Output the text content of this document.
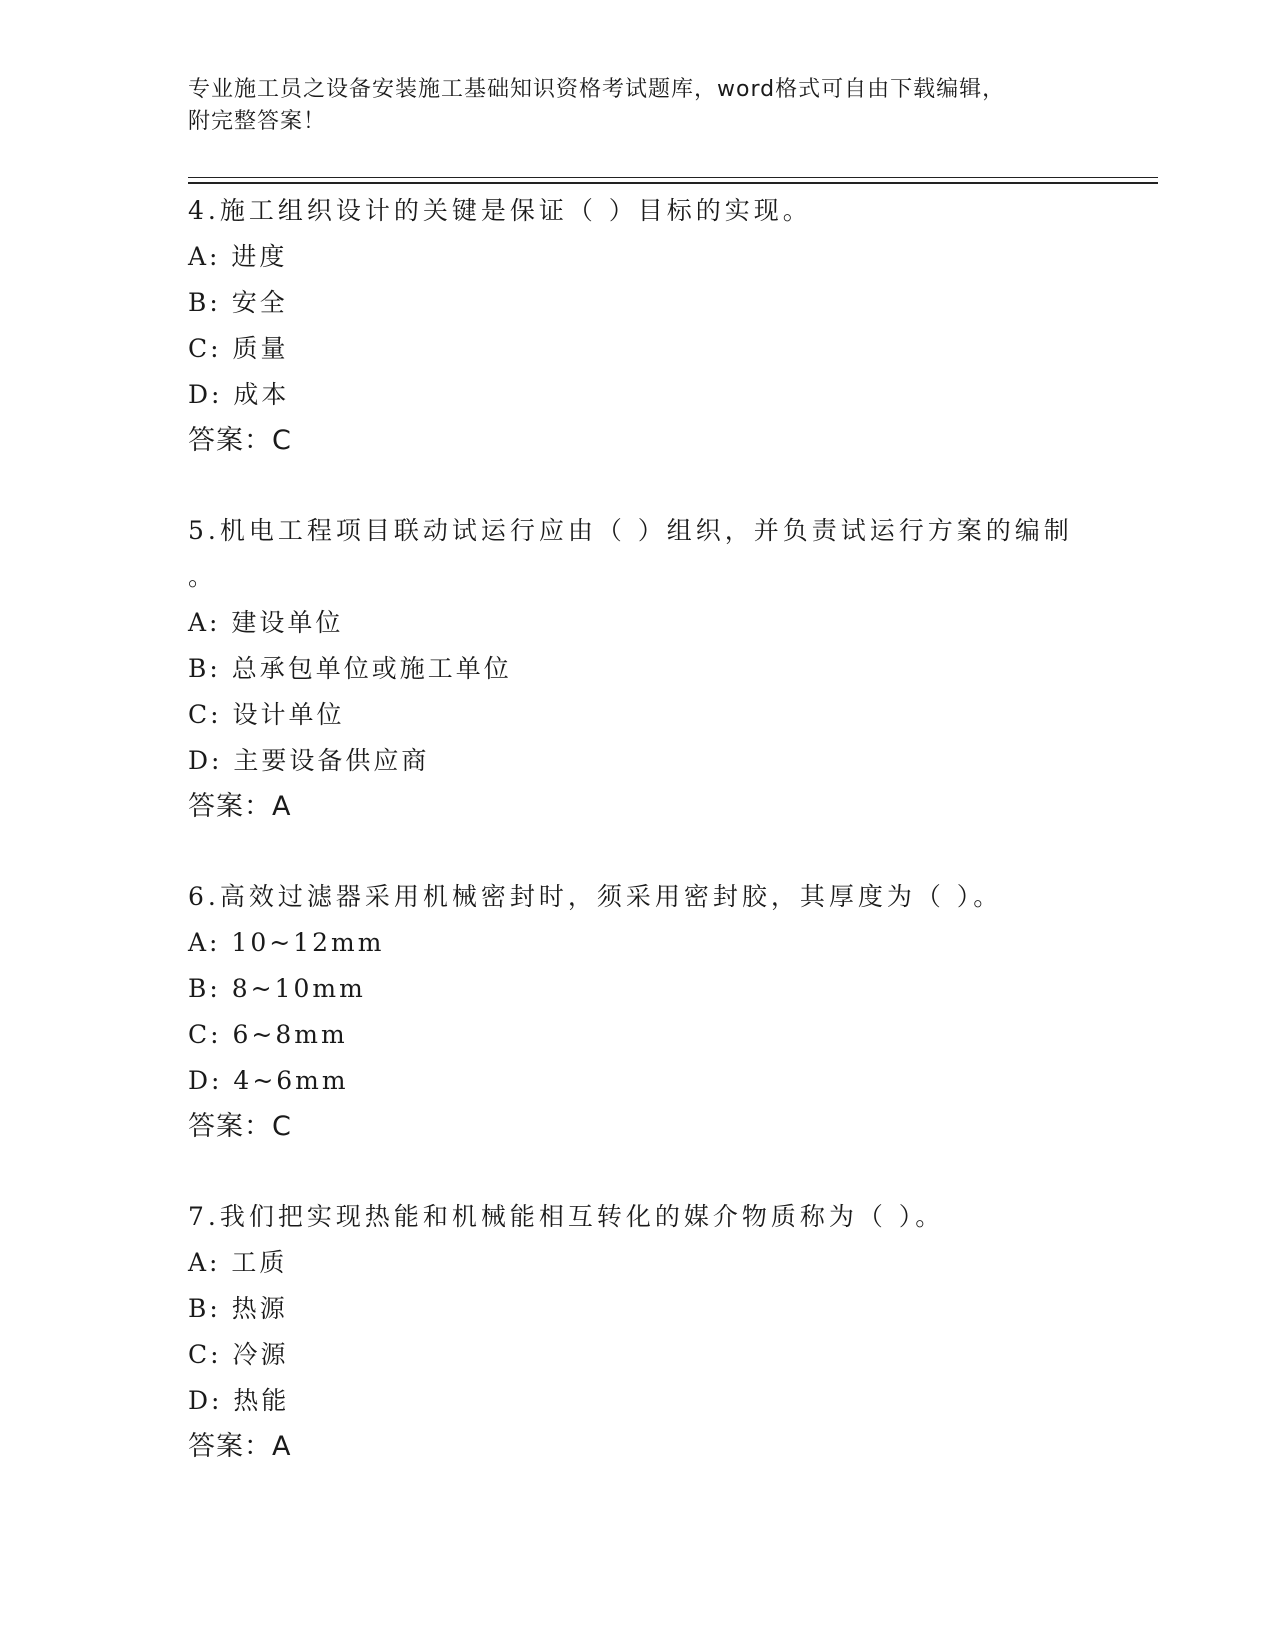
专业施工员之设备安装施工基础知识资格考试题库，word格式可自由下载编辑，
附完整答案！
4.施工组织设计的关键是保证（ ）目标的实现。
A: 进度
B: 安全
C: 质量
D: 成本
答案：C
5.机电工程项目联动试运行应由（ ）组织，并负责试运行方案的编制
。
A: 建设单位
B: 总承包单位或施工单位
C: 设计单位
D: 主要设备供应商
答案：A
6.高效过滤器采用机械密封时，须采用密封胶，其厚度为（ ）。
A: 10~12mm
B: 8~10mm
C: 6~8mm
D: 4~6mm
答案：C
7.我们把实现热能和机械能相互转化的媒介物质称为（ ）。
A: 工质
B: 热源
C: 冷源
D: 热能
答案：A
